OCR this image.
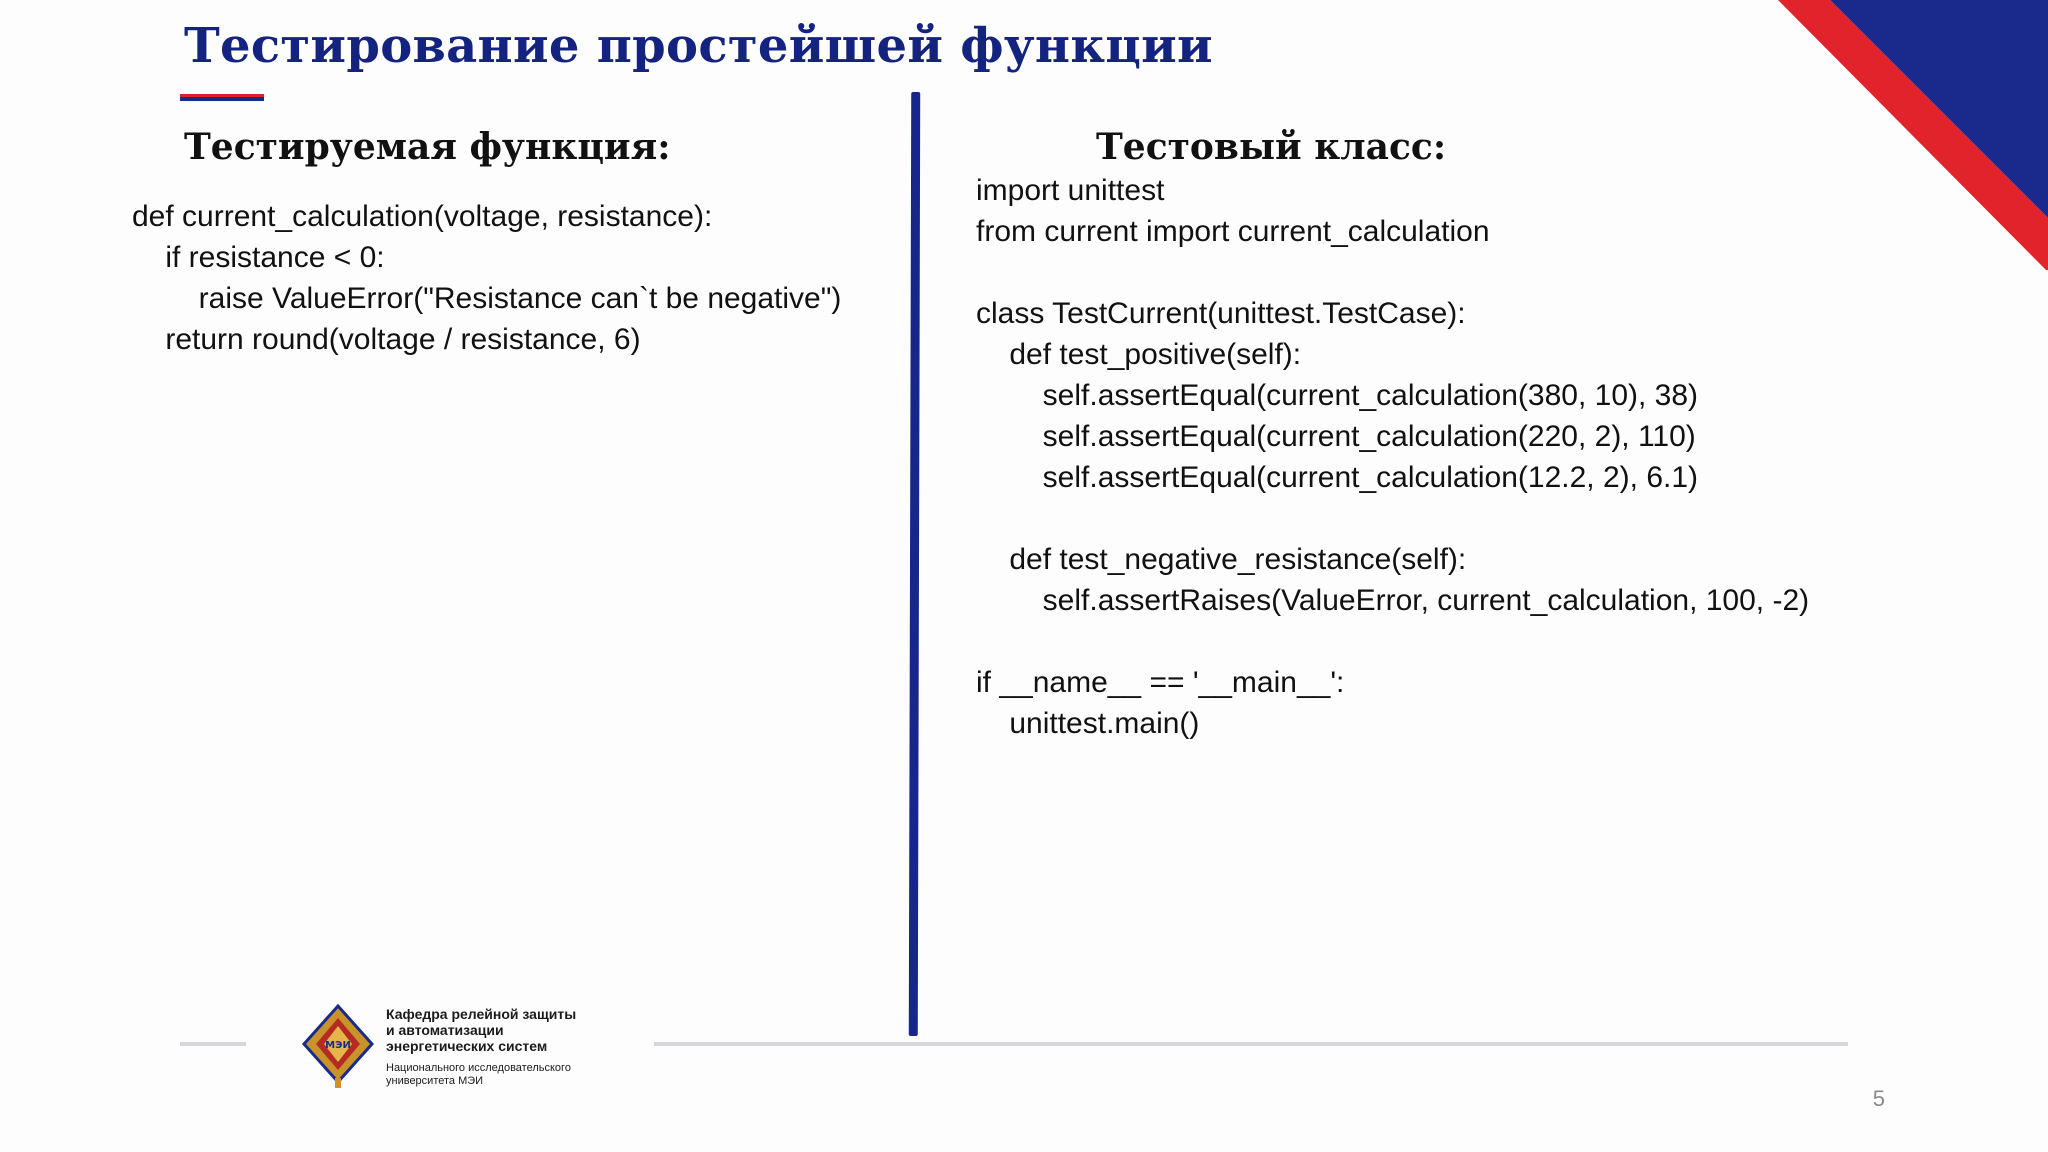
Тестирование простейшей функции
Тестируемая функция:	Тестовый класс:
def current_calculation(voltage, resistance):
if resistance < 0:
raise ValueError("Resistance can`t be negative")
return round(voltage / resistance, 6)
import unittest
from current import current_calculation
class TestCurrent(unittest.TestCase):
def test_positive(self):
self.assertEqual(current_calculation(380, 10), 38)
self.assertEqual(current_calculation(220, 2), 110)
self.assertEqual(current_calculation(12.2, 2), 6.1)
def test_negative_resistance(self):
self.assertRaises(ValueError, current_calculation, 100, -2)
if __name__ == '__main__':
unittest.main()
МЭИ
Кафедра релейной защиты
и автоматизации
энергетических систем
Национального исследовательского
университета МЭИ
5
